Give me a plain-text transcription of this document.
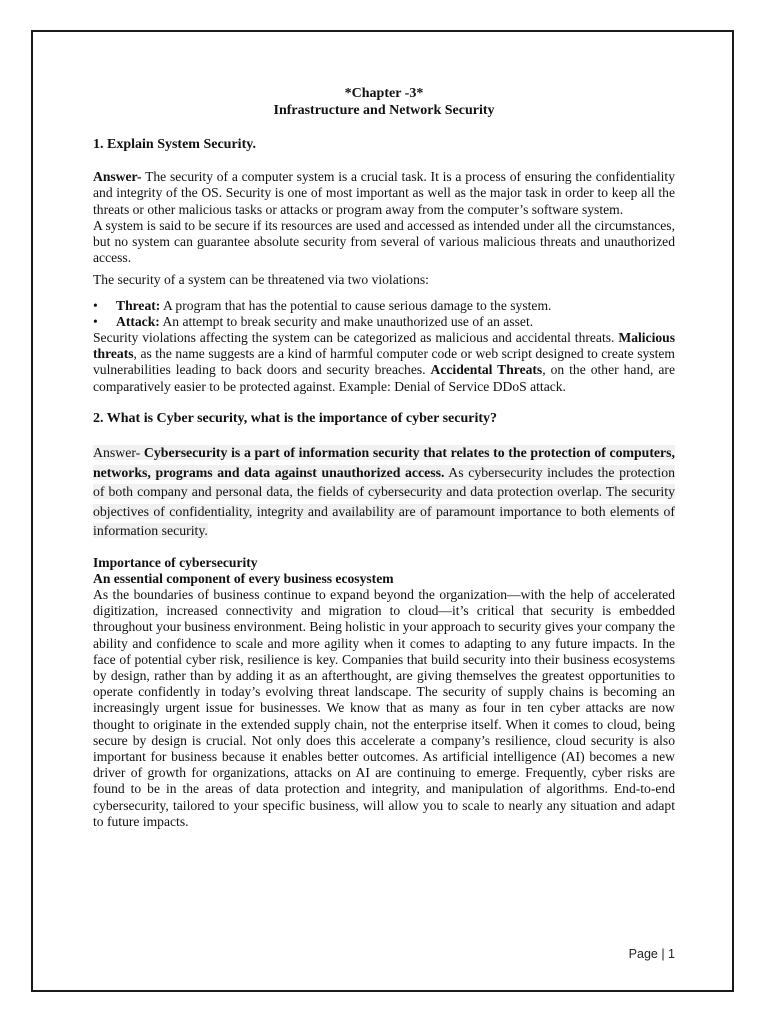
*Chapter -3*
Infrastructure and Network Security

1. Explain System Security.

Answer- The security of a computer system is a crucial task. It is a process of ensuring the confidentiality and integrity of the OS. Security is one of most important as well as the major task in order to keep all the threats or other malicious tasks or attacks or program away from the computer’s software system.

A system is said to be secure if its resources are used and accessed as intended under all the circumstances, but no system can guarantee absolute security from several of various malicious threats and unauthorized access.

The security of a system can be threatened via two violations:

• Threat: A program that has the potential to cause serious damage to the system.
• Attack: An attempt to break security and make unauthorized use of an asset.

Security violations affecting the system can be categorized as malicious and accidental threats. Malicious threats, as the name suggests are a kind of harmful computer code or web script designed to create system vulnerabilities leading to back doors and security breaches. Accidental Threats, on the other hand, are comparatively easier to be protected against. Example: Denial of Service DDoS attack.

2. What is Cyber security, what is the importance of cyber security?

Answer- Cybersecurity is a part of information security that relates to the protection of computers, networks, programs and data against unauthorized access. As cybersecurity includes the protection of both company and personal data, the fields of cybersecurity and data protection overlap. The security objectives of confidentiality, integrity and availability are of paramount importance to both elements of information security.

Importance of cybersecurity

An essential component of every business ecosystem

As the boundaries of business continue to expand beyond the organization—with the help of accelerated digitization, increased connectivity and migration to cloud—it’s critical that security is embedded throughout your business environment. Being holistic in your approach to security gives your company the ability and confidence to scale and more agility when it comes to adapting to any future impacts. In the face of potential cyber risk, resilience is key. Companies that build security into their business ecosystems by design, rather than by adding it as an afterthought, are giving themselves the greatest opportunities to operate confidently in today’s evolving threat landscape. The security of supply chains is becoming an increasingly urgent issue for businesses. We know that as many as four in ten cyber attacks are now thought to originate in the extended supply chain, not the enterprise itself. When it comes to cloud, being secure by design is crucial. Not only does this accelerate a company’s resilience, cloud security is also important for business because it enables better outcomes. As artificial intelligence (AI) becomes a new driver of growth for organizations, attacks on AI are continuing to emerge. Frequently, cyber risks are found to be in the areas of data protection and integrity, and manipulation of algorithms. End-to-end cybersecurity, tailored to your specific business, will allow you to scale to nearly any situation and adapt to future impacts.

Page | 1
